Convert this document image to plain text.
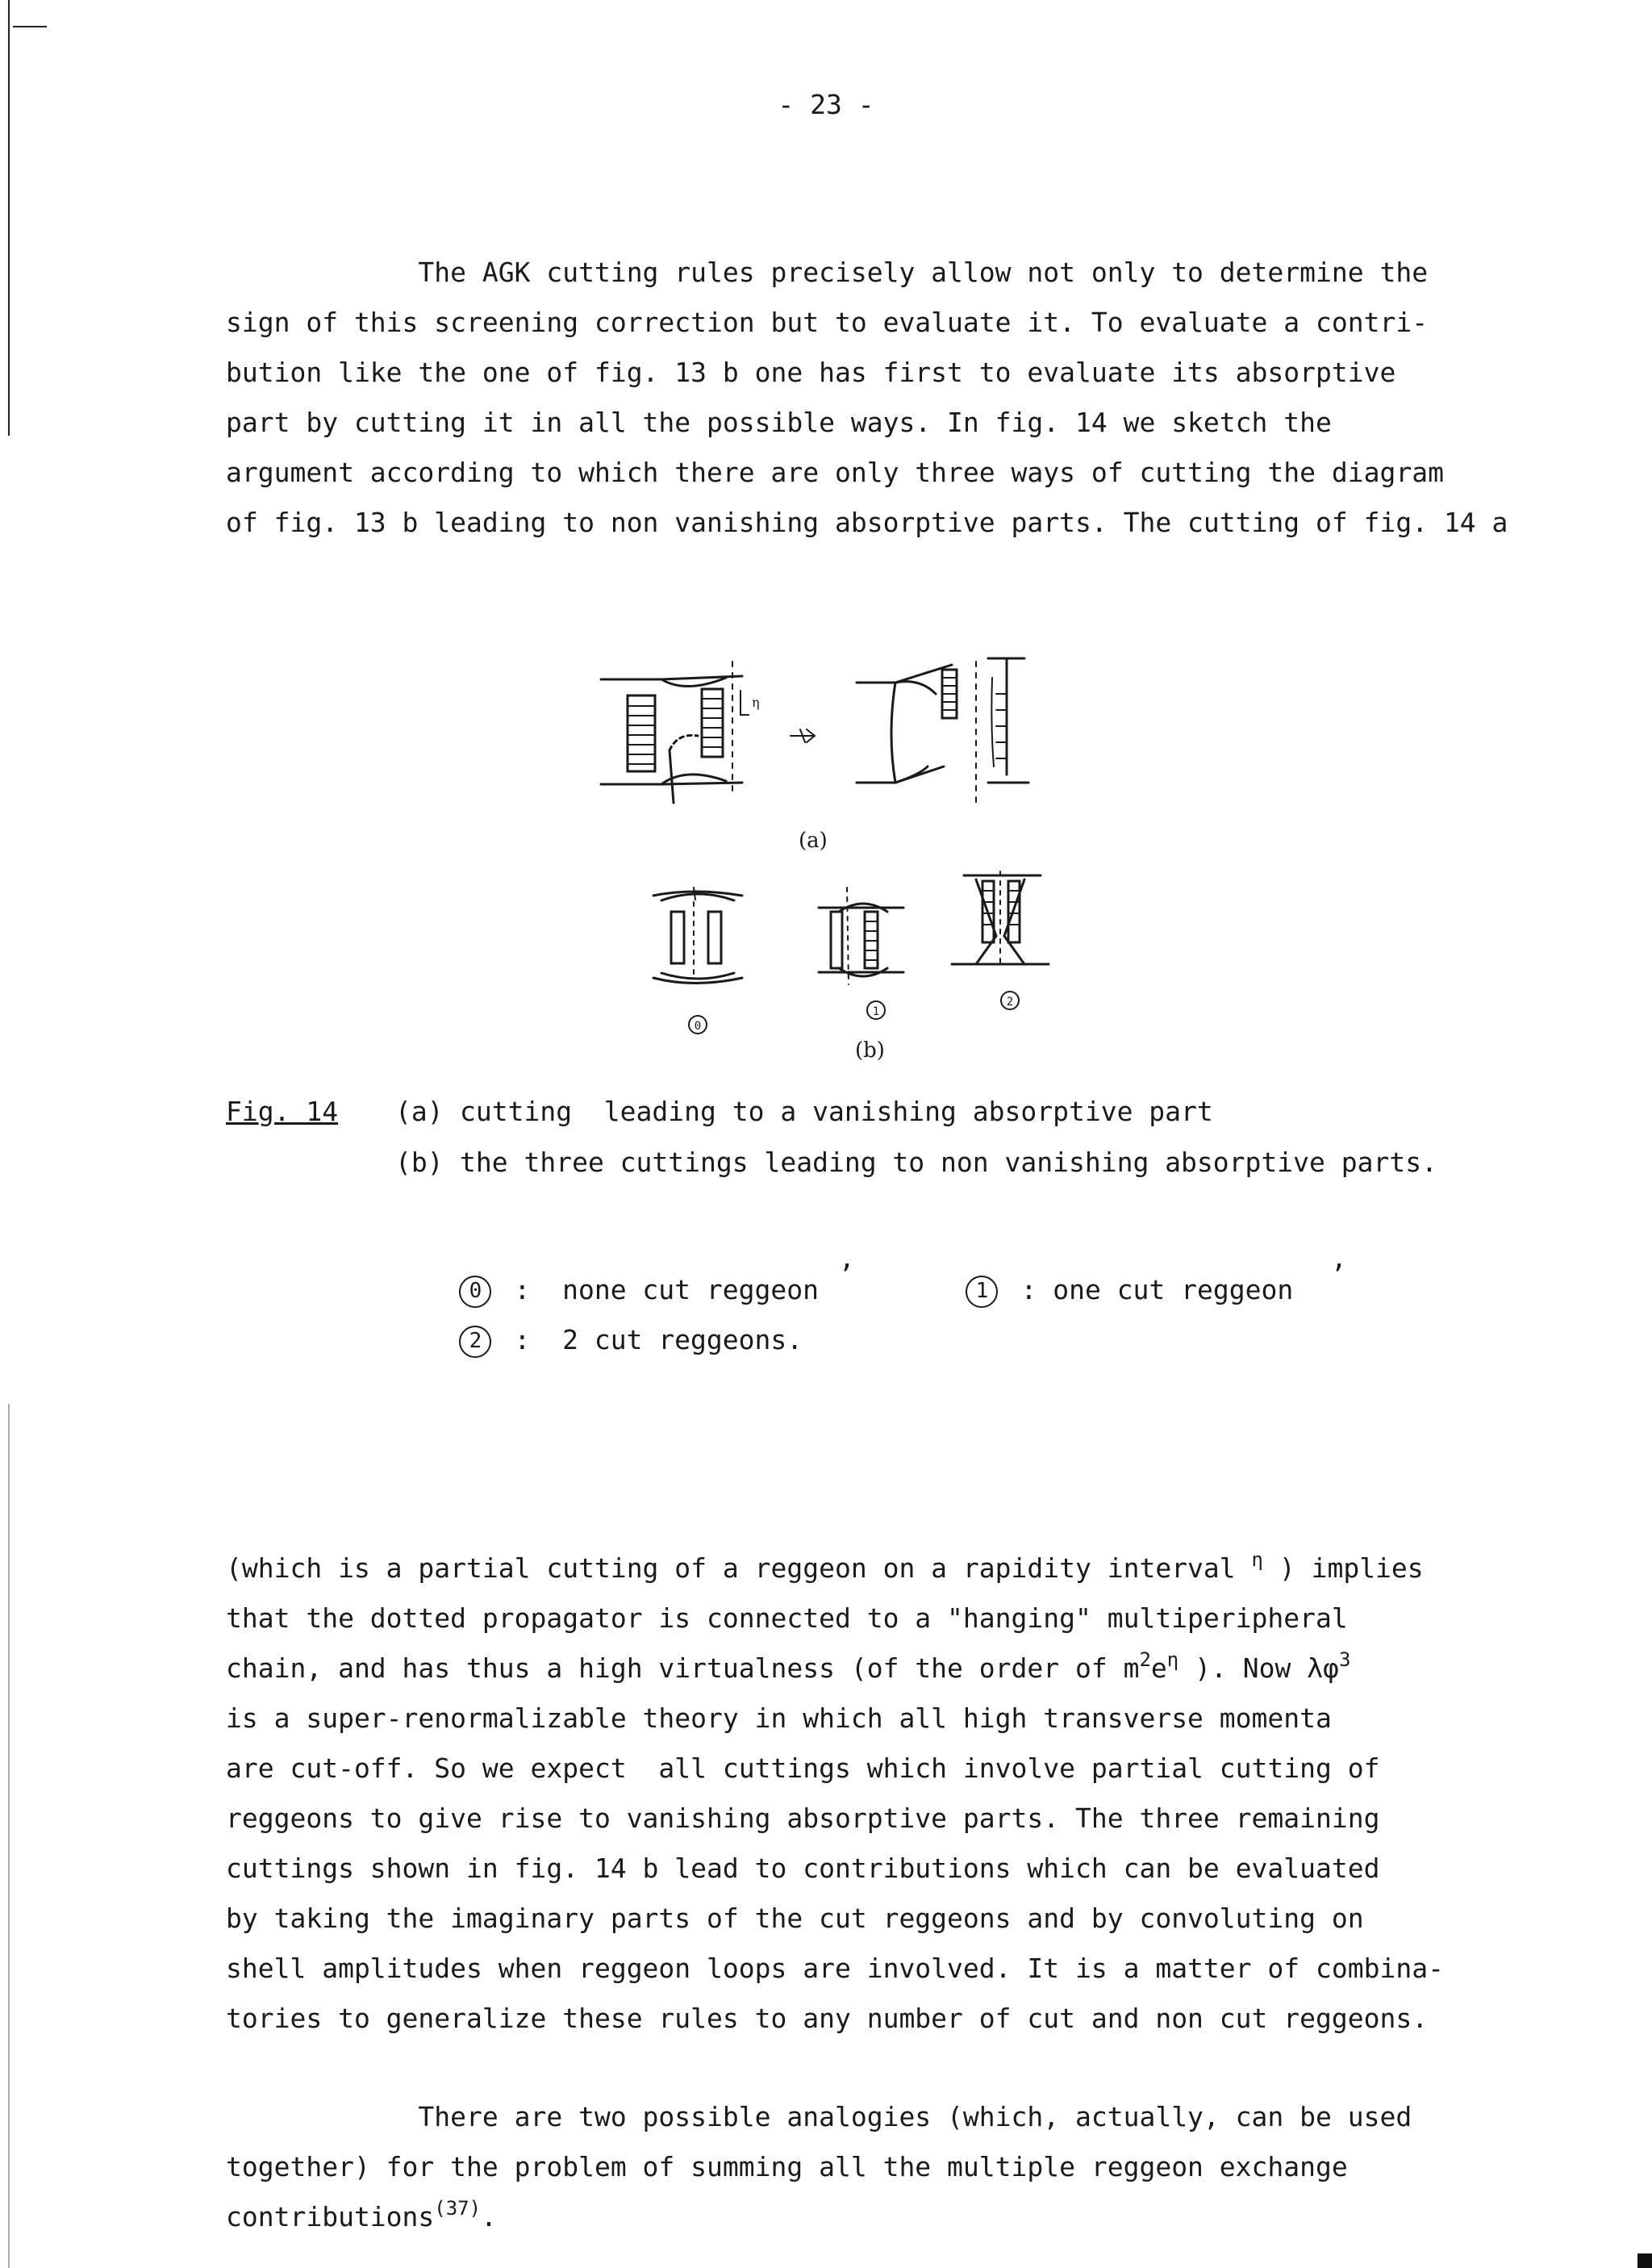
- 23 -
The AGK cutting rules precisely allow not only to determine the
sign of this screening correction but to evaluate it. To evaluate a contri-
bution like the one of fig. 13 b one has first to evaluate its absorptive
part by cutting it in all the possible ways. In fig. 14 we sketch the
argument according to which there are only three ways of cutting the diagram
of fig. 13 b leading to non vanishing absorptive parts. The cutting of fig. 14 a
η
(a)
0
1
2
(b)
Fig. 14 (a) cutting  leading to a vanishing absorptive part
(b) the three cuttings leading to non vanishing absorptive parts.

0 :  none cut reggeon

,

1 : one cut reggeon

,

2 :  2 cut reggeons.

(which is a partial cutting of a reggeon on a rapidity interval $^\eta$ ) implies
that the dotted propagator is connected to a "hanging" multiperipheral
chain, and has thus a high virtualness (of the order of $m^2e^\eta$ ). Now $\lambda\varphi^3$
is a super-renormalizable theory in which all high transverse momenta
are cut-off. So we expect  all cuttings which involve partial cutting of
reggeons to give rise to vanishing absorptive parts. The three remaining
cuttings shown in fig. 14 b lead to contributions which can be evaluated
by taking the imaginary parts of the cut reggeons and by convoluting on
shell amplitudes when reggeon loops are involved. It is a matter of combina-
tories to generalize these rules to any number of cut and non cut reggeons.
There are two possible analogies (which, actually, can be used
together) for the problem of summing all the multiple reggeon exchange
contributions$^{(37)}$.
